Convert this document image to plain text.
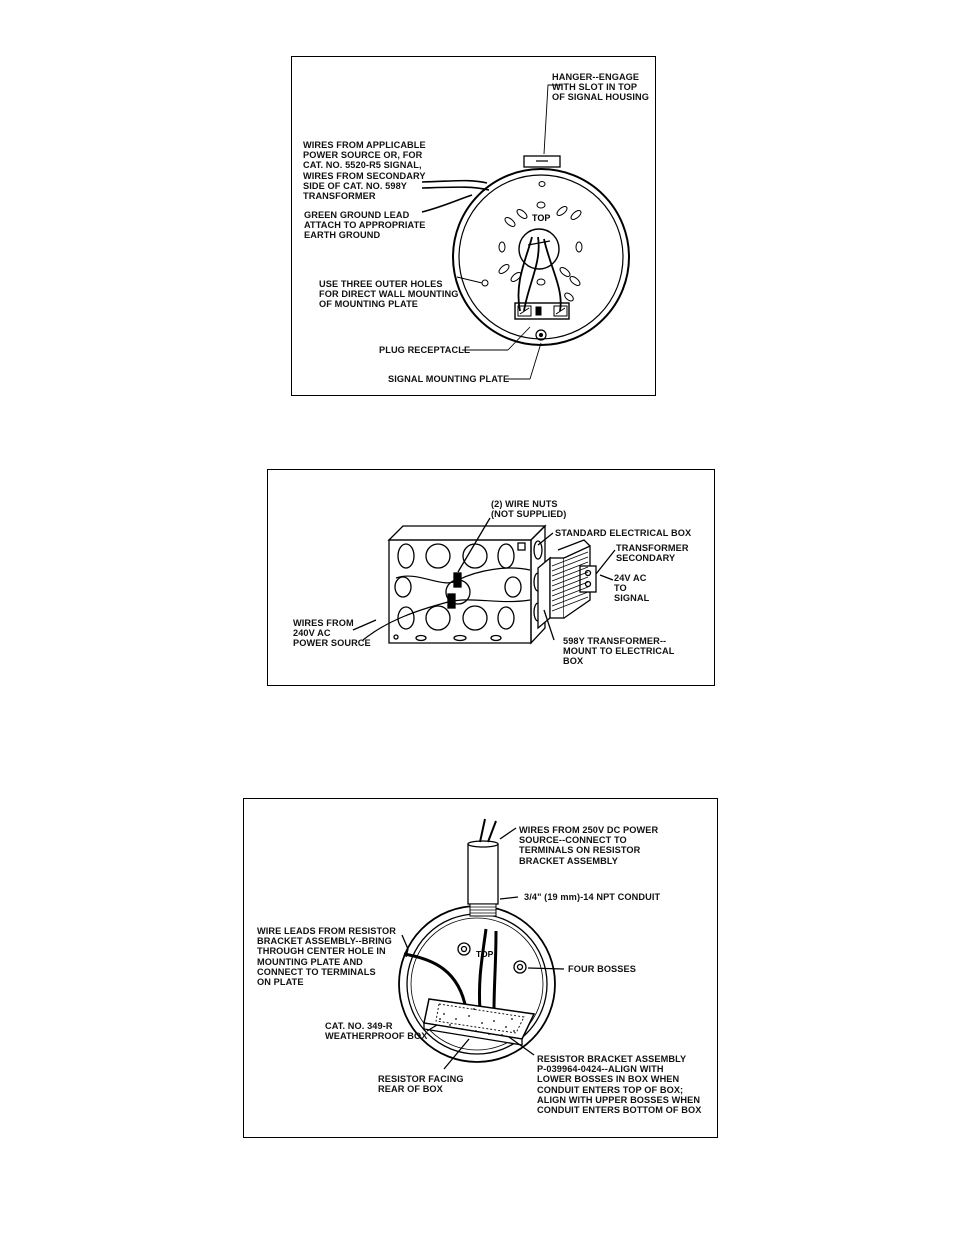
TOP
HANGER--ENGAGE
WITH SLOT IN TOP
OF SIGNAL HOUSING
WIRES FROM APPLICABLE
POWER SOURCE OR, FOR
CAT. NO. 5520-R5 SIGNAL,
WIRES FROM SECONDARY
SIDE OF CAT. NO. 598Y
TRANSFORMER
GREEN GROUND LEAD
ATTACH TO APPROPRIATE
EARTH GROUND
USE THREE OUTER HOLES
FOR DIRECT WALL MOUNTING
OF MOUNTING PLATE
PLUG RECEPTACLE
SIGNAL MOUNTING PLATE
(2) WIRE NUTS
(NOT SUPPLIED)
STANDARD ELECTRICAL BOX
TRANSFORMER
SECONDARY
24V AC
TO
SIGNAL
WIRES FROM
240V AC
POWER SOURCE	598Y TRANSFORMER--
MOUNT TO ELECTRICAL
BOX
TOP
WIRES FROM 250V DC POWER
SOURCE--CONNECT TO
TERMINALS ON RESISTOR
BRACKET ASSEMBLY
3/4" (19 mm)-14 NPT CONDUIT
WIRE LEADS FROM RESISTOR
BRACKET ASSEMBLY--BRING
THROUGH CENTER HOLE IN
MOUNTING PLATE AND
CONNECT TO TERMINALS
ON PLATE
FOUR BOSSES
CAT. NO. 349-R
WEATHERPROOF BOX
RESISTOR FACING
REAR OF BOX
RESISTOR BRACKET ASSEMBLY
P-039964-0424--ALIGN WITH
LOWER BOSSES IN BOX WHEN
CONDUIT ENTERS TOP OF BOX;
ALIGN WITH UPPER BOSSES WHEN
CONDUIT ENTERS BOTTOM OF BOX
